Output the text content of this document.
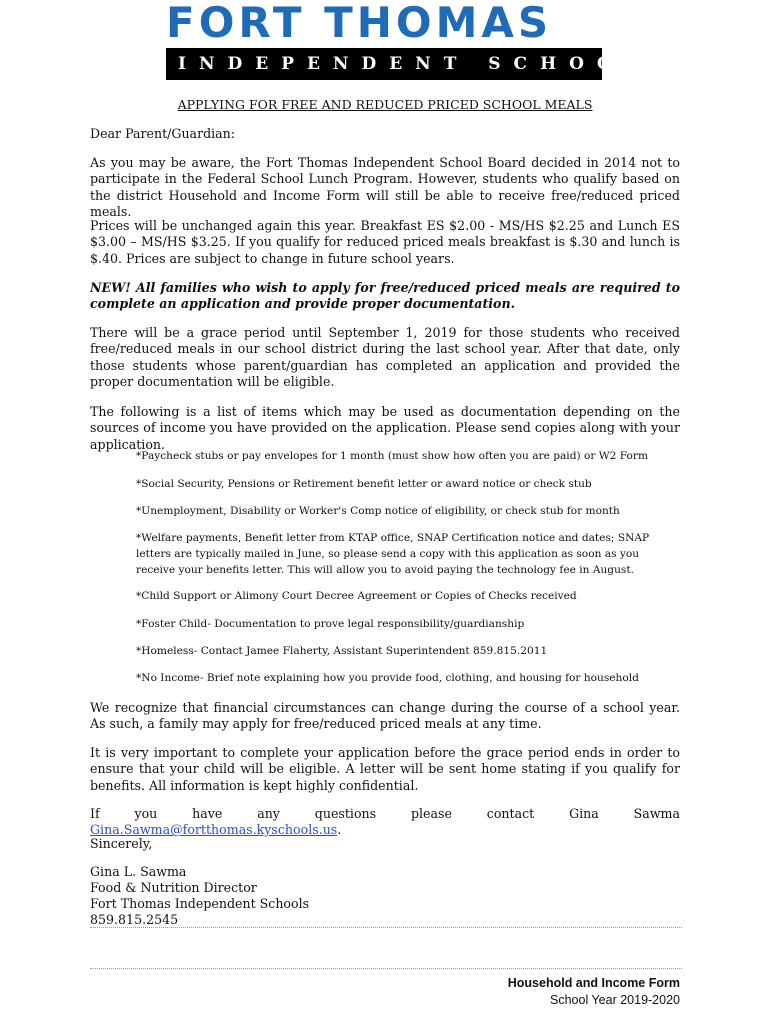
FORT THOMAS
INDEPENDENT SCHOOLS
APPLYING FOR FREE AND REDUCED PRICED SCHOOL MEALS
Dear Parent/Guardian:
As you may be aware, the Fort Thomas Independent School Board decided in 2014 not to participate in the Federal School Lunch Program. However, students who qualify based on the district Household and Income Form will still be able to receive free/reduced priced meals.
Prices will be unchanged again this year. Breakfast ES $2.00 - MS/HS $2.25 and Lunch ES $3.00 – MS/HS $3.25. If you qualify for reduced priced meals breakfast is $.30 and lunch is $.40. Prices are subject to change in future school years.
NEW! All families who wish to apply for free/reduced priced meals are required to complete an application and provide proper documentation.
There will be a grace period until September 1, 2019 for those students who received free/reduced meals in our school district during the last school year. After that date, only those students whose parent/guardian has completed an application and provided the proper documentation will be eligible.
The following is a list of items which may be used as documentation depending on the sources of income you have provided on the application. Please send copies along with your application.
*Paycheck stubs or pay envelopes for 1 month (must show how often you are paid) or W2 Form
*Social Security, Pensions or Retirement benefit letter or award notice or check stub
*Unemployment, Disability or Worker's Comp notice of eligibility, or check stub for month
*Welfare payments, Benefit letter from KTAP office, SNAP Certification notice and dates; SNAP letters are typically mailed in June, so please send a copy with this application as soon as you receive your benefits letter. This will allow you to avoid paying the technology fee in August.
*Child Support or Alimony Court Decree Agreement or Copies of Checks received
*Foster Child- Documentation to prove legal responsibility/guardianship
*Homeless- Contact Jamee Flaherty, Assistant Superintendent 859.815.2011
*No Income- Brief note explaining how you provide food, clothing, and housing for household
We recognize that financial circumstances can change during the course of a school year. As such, a family may apply for free/reduced priced meals at any time.
It is very important to complete your application before the grace period ends in order to ensure that your child will be eligible. A letter will be sent home stating if you qualify for benefits. All information is kept highly confidential.
If you have any questions please contact Gina Sawma Gina.Sawma@fortthomas.kyschools.us.
Sincerely,
Gina L. Sawma
Food & Nutrition Director
Fort Thomas Independent Schools
859.815.2545
Household and Income Form
School Year 2019-2020
